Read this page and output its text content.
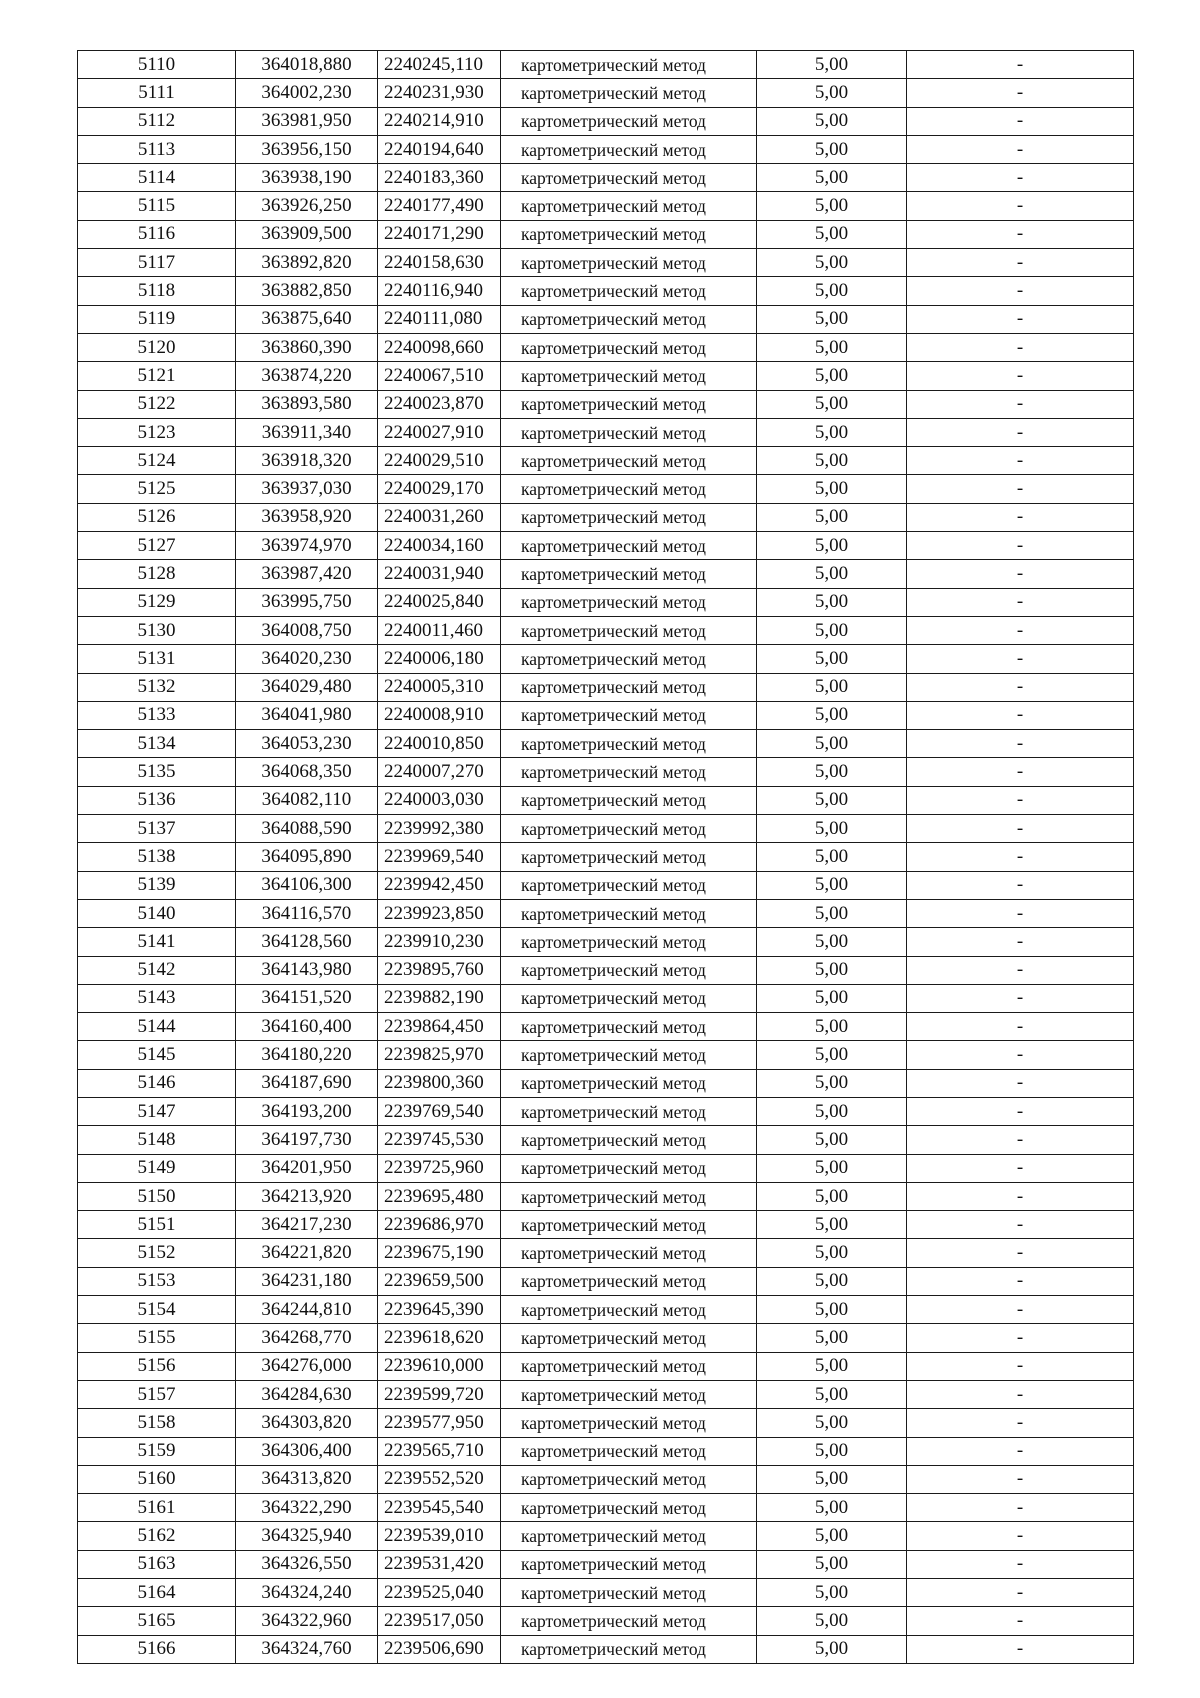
5110	364018,880	2240245,110	картометрический метод	5,00	-
5111	364002,230	2240231,930	картометрический метод	5,00	-
5112	363981,950	2240214,910	картометрический метод	5,00	-
5113	363956,150	2240194,640	картометрический метод	5,00	-
5114	363938,190	2240183,360	картометрический метод	5,00	-
5115	363926,250	2240177,490	картометрический метод	5,00	-
5116	363909,500	2240171,290	картометрический метод	5,00	-
5117	363892,820	2240158,630	картометрический метод	5,00	-
5118	363882,850	2240116,940	картометрический метод	5,00	-
5119	363875,640	2240111,080	картометрический метод	5,00	-
5120	363860,390	2240098,660	картометрический метод	5,00	-
5121	363874,220	2240067,510	картометрический метод	5,00	-
5122	363893,580	2240023,870	картометрический метод	5,00	-
5123	363911,340	2240027,910	картометрический метод	5,00	-
5124	363918,320	2240029,510	картометрический метод	5,00	-
5125	363937,030	2240029,170	картометрический метод	5,00	-
5126	363958,920	2240031,260	картометрический метод	5,00	-
5127	363974,970	2240034,160	картометрический метод	5,00	-
5128	363987,420	2240031,940	картометрический метод	5,00	-
5129	363995,750	2240025,840	картометрический метод	5,00	-
5130	364008,750	2240011,460	картометрический метод	5,00	-
5131	364020,230	2240006,180	картометрический метод	5,00	-
5132	364029,480	2240005,310	картометрический метод	5,00	-
5133	364041,980	2240008,910	картометрический метод	5,00	-
5134	364053,230	2240010,850	картометрический метод	5,00	-
5135	364068,350	2240007,270	картометрический метод	5,00	-
5136	364082,110	2240003,030	картометрический метод	5,00	-
5137	364088,590	2239992,380	картометрический метод	5,00	-
5138	364095,890	2239969,540	картометрический метод	5,00	-
5139	364106,300	2239942,450	картометрический метод	5,00	-
5140	364116,570	2239923,850	картометрический метод	5,00	-
5141	364128,560	2239910,230	картометрический метод	5,00	-
5142	364143,980	2239895,760	картометрический метод	5,00	-
5143	364151,520	2239882,190	картометрический метод	5,00	-
5144	364160,400	2239864,450	картометрический метод	5,00	-
5145	364180,220	2239825,970	картометрический метод	5,00	-
5146	364187,690	2239800,360	картометрический метод	5,00	-
5147	364193,200	2239769,540	картометрический метод	5,00	-
5148	364197,730	2239745,530	картометрический метод	5,00	-
5149	364201,950	2239725,960	картометрический метод	5,00	-
5150	364213,920	2239695,480	картометрический метод	5,00	-
5151	364217,230	2239686,970	картометрический метод	5,00	-
5152	364221,820	2239675,190	картометрический метод	5,00	-
5153	364231,180	2239659,500	картометрический метод	5,00	-
5154	364244,810	2239645,390	картометрический метод	5,00	-
5155	364268,770	2239618,620	картометрический метод	5,00	-
5156	364276,000	2239610,000	картометрический метод	5,00	-
5157	364284,630	2239599,720	картометрический метод	5,00	-
5158	364303,820	2239577,950	картометрический метод	5,00	-
5159	364306,400	2239565,710	картометрический метод	5,00	-
5160	364313,820	2239552,520	картометрический метод	5,00	-
5161	364322,290	2239545,540	картометрический метод	5,00	-
5162	364325,940	2239539,010	картометрический метод	5,00	-
5163	364326,550	2239531,420	картометрический метод	5,00	-
5164	364324,240	2239525,040	картометрический метод	5,00	-
5165	364322,960	2239517,050	картометрический метод	5,00	-
5166	364324,760	2239506,690	картометрический метод	5,00	-
